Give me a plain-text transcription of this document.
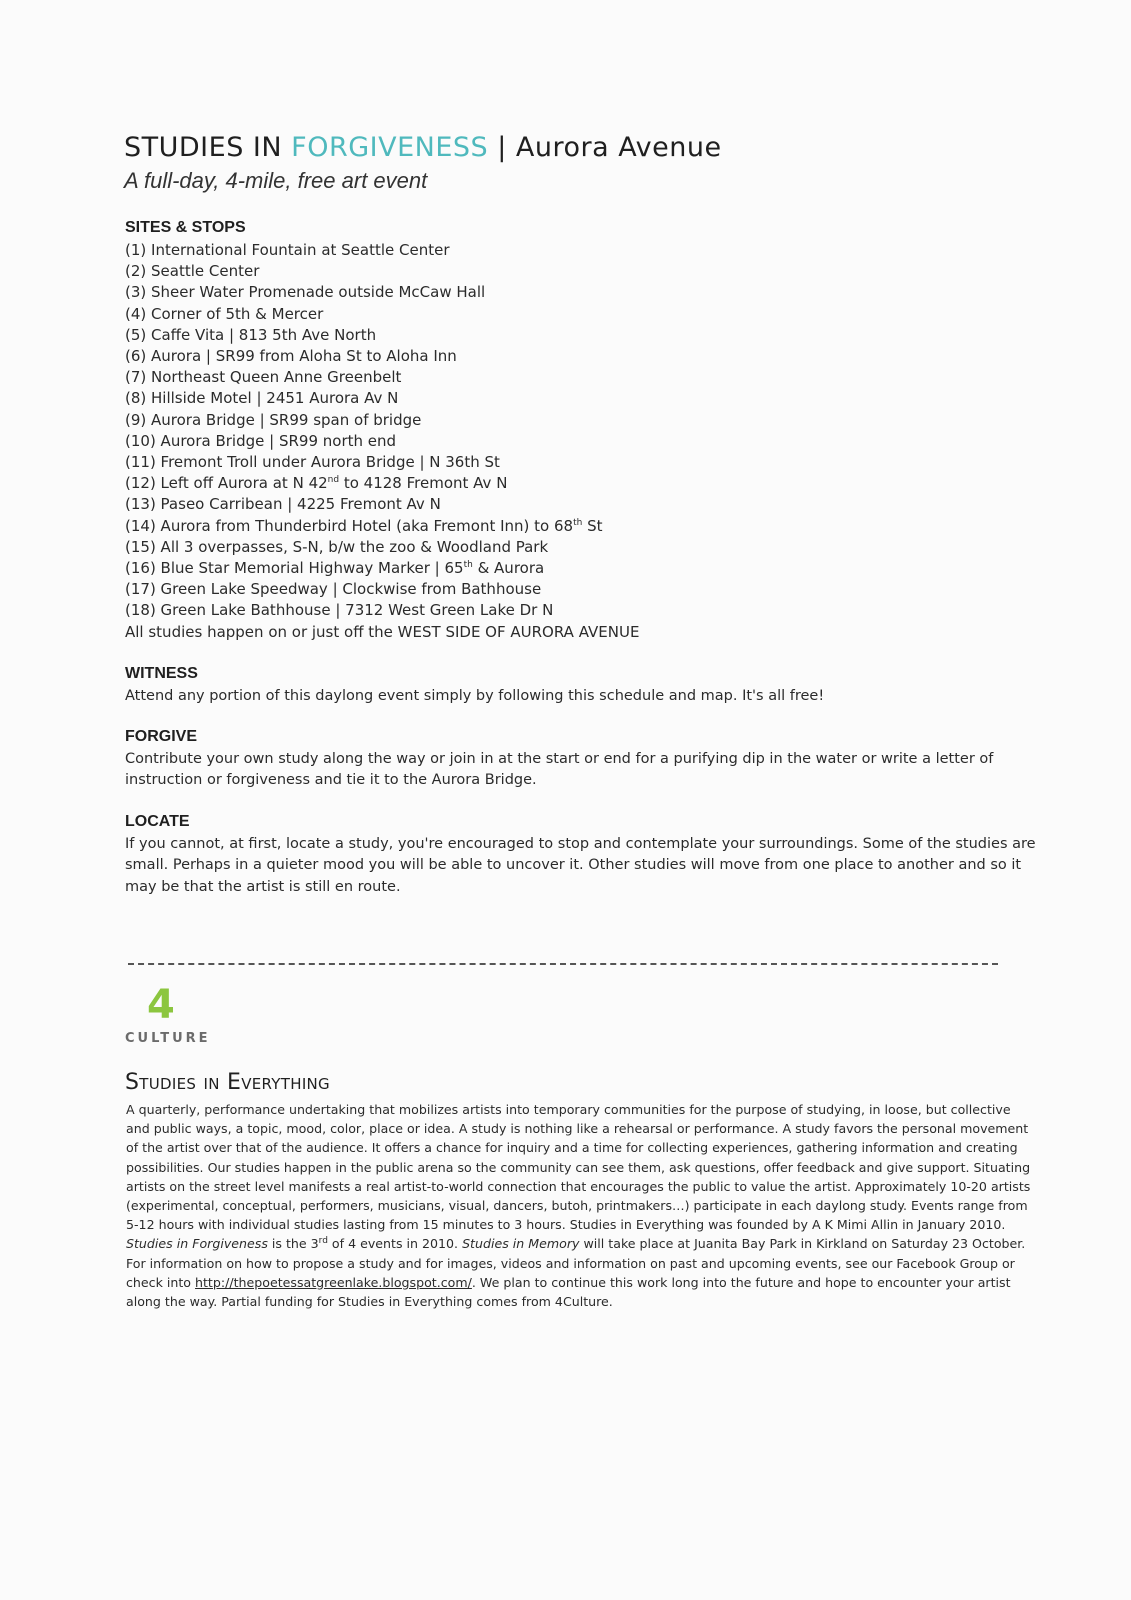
STUDIES IN FORGIVENESS | Aurora Avenue

A full-day, 4-mile, free art event

SITES & STOPS

(1) International Fountain at Seattle Center
(2) Seattle Center
(3) Sheer Water Promenade outside McCaw Hall
(4) Corner of 5th & Mercer
(5) Caffe Vita | 813 5th Ave North
(6) Aurora | SR99 from Aloha St to Aloha Inn
(7) Northeast Queen Anne Greenbelt
(8) Hillside Motel | 2451 Aurora Av N
(9) Aurora Bridge | SR99 span of bridge
(10) Aurora Bridge | SR99 north end
(11) Fremont Troll under Aurora Bridge | N 36th St
(12) Left off Aurora at N 42nd to 4128 Fremont Av N
(13) Paseo Carribean | 4225 Fremont Av N
(14) Aurora from Thunderbird Hotel (aka Fremont Inn) to 68th St
(15) All 3 overpasses, S-N, b/w the zoo & Woodland Park
(16) Blue Star Memorial Highway Marker | 65th & Aurora
(17) Green Lake Speedway | Clockwise from Bathhouse
(18) Green Lake Bathhouse | 7312 West Green Lake Dr N
All studies happen on or just off the WEST SIDE OF AURORA AVENUE

WITNESS

Attend any portion of this daylong event simply by following this schedule and map. It's all free!

FORGIVE

Contribute your own study along the way or join in at the start or end for a purifying dip in the water or write a letter of instruction or forgiveness and tie it to the Aurora Bridge.

LOCATE

If you cannot, at first, locate a study, you're encouraged to stop and contemplate your surroundings. Some of the studies are small. Perhaps in a quieter mood you will be able to uncover it. Other studies will move from one place to another and so it may be that the artist is still en route.

4
CULTURE
Studies in Everything

A quarterly, performance undertaking that mobilizes artists into temporary communities for the purpose of studying, in loose, but collective and public ways, a topic, mood, color, place or idea. A study is nothing like a rehearsal or performance. A study favors the personal movement of the artist over that of the audience. It offers a chance for inquiry and a time for collecting experiences, gathering information and creating possibilities. Our studies happen in the public arena so the community can see them, ask questions, offer feedback and give support. Situating artists on the street level manifests a real artist-to-world connection that encourages the public to value the artist. Approximately 10-20 artists (experimental, conceptual, performers, musicians, visual, dancers, butoh, printmakers…) participate in each daylong study. Events range from 5-12 hours with individual studies lasting from 15 minutes to 3 hours. Studies in Everything was founded by A K Mimi Allin in January 2010. Studies in Forgiveness is the 3rd of 4 events in 2010. Studies in Memory will take place at Juanita Bay Park in Kirkland on Saturday 23 October. For information on how to propose a study and for images, videos and information on past and upcoming events, see our Facebook Group or check into http://thepoetessatgreenlake.blogspot.com/. We plan to continue this work long into the future and hope to encounter your artist along the way. Partial funding for Studies in Everything comes from 4Culture.
